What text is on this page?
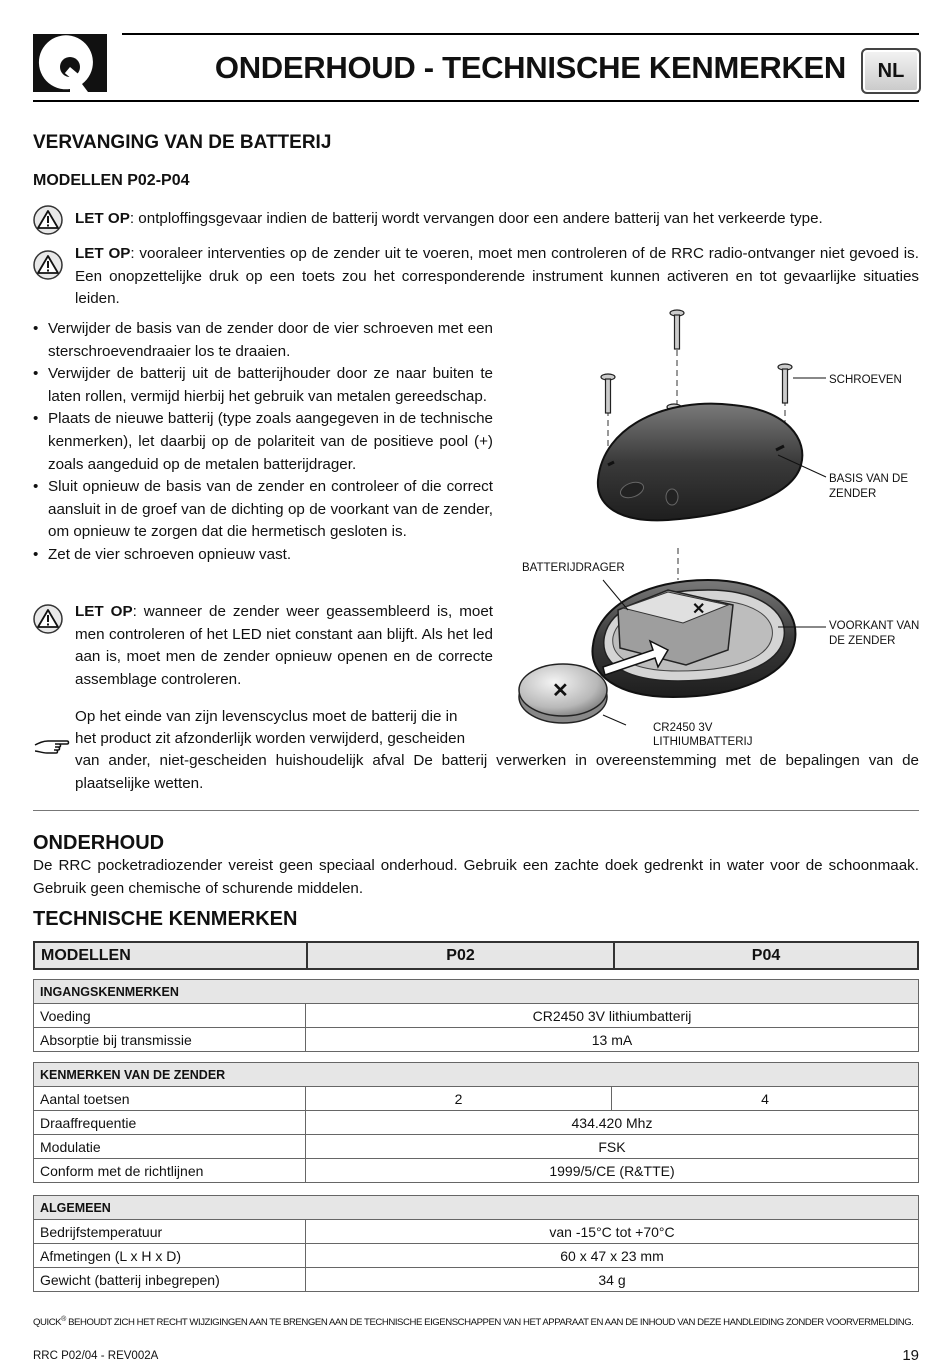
ONDERHOUD - TECHNISCHE KENMERKEN	NL
VERVANGING VAN DE BATTERIJ
MODELLEN P02-P04
LET OP: ontploffingsgevaar indien de batterij wordt vervangen door een andere batterij van het verkeerde type.
LET OP: vooraleer interventies op de zender uit te voeren, moet men controleren of de RRC radio-ontvanger niet gevoed is. Een onopzettelijke druk op een toets zou het corresponderende instrument kunnen activeren en tot gevaarlijke situaties leiden.
• Verwijder de basis van de zender door de vier schroeven met een sterschroevendraaier los te draaien.
• Verwijder de batterij uit de batterijhouder door ze naar buiten te laten rollen, vermijd hierbij het gebruik van metalen gereedschap.
• Plaats de nieuwe batterij (type zoals aangegeven in de technische kenmerken), let daarbij op de polariteit van de positieve pool (+) zoals aangeduid op de metalen batterijdrager.
• Sluit opnieuw de basis van de zender en controleer of die correct aansluit in de groef van de dichting op de voorkant van de zender, om opnieuw te zorgen dat die hermetisch gesloten is.
• Zet de vier schroeven opnieuw vast.
LET OP: wanneer de zender weer geassembleerd is, moet men controleren of het LED niet constant aan blijft. Als het led aan is, moet men de zender opnieuw openen en de correcte assemblage controleren.
Op het einde van zijn levenscyclus moet de batterij die in
het product zit afzonderlijk worden verwijderd, gescheiden
van ander, niet-gescheiden huishoudelijk afval De batterij verwerken in overeenstemming met de bepalingen van de plaatselijke wetten.
✕
✕
SCHROEVEN
BASIS VAN DE
ZENDER
BATTERIJDRAGER
VOORKANT VAN
DE ZENDER
CR2450 3V
LITHIUMBATTERIJ
ONDERHOUD
De RRC pocketradiozender vereist geen speciaal onderhoud. Gebruik een zachte doek gedrenkt in water voor de schoonmaak. Gebruik geen chemische of schurende middelen.
TECHNISCHE KENMERKEN
MODELLEN	P02	P04
INGANGSKENMERKEN	
Voeding	CR2450 3V lithiumbatterij
Absorptie bij transmissie	13 mA
KENMERKEN VAN DE ZENDER		
Aantal toetsen	2	4
Draaffrequentie	434.420 Mhz	
Modulatie	FSK	
Conform met de richtlijnen	1999/5/CE (R&TTE)	
ALGEMEEN	
Bedrijfstemperatuur	van -15°C tot +70°C
Afmetingen (L x H x D)	60 x 47 x 23 mm
Gewicht (batterij inbegrepen)	34 g
QUICK® BEHOUDT ZICH HET RECHT WIJZIGINGEN AAN TE BRENGEN AAN DE TECHNISCHE EIGENSCHAPPEN VAN HET APPARAAT EN AAN DE INHOUD VAN DEZE HANDLEIDING ZONDER VOORVERMELDING.
RRC P02/04 - REV002A	19
